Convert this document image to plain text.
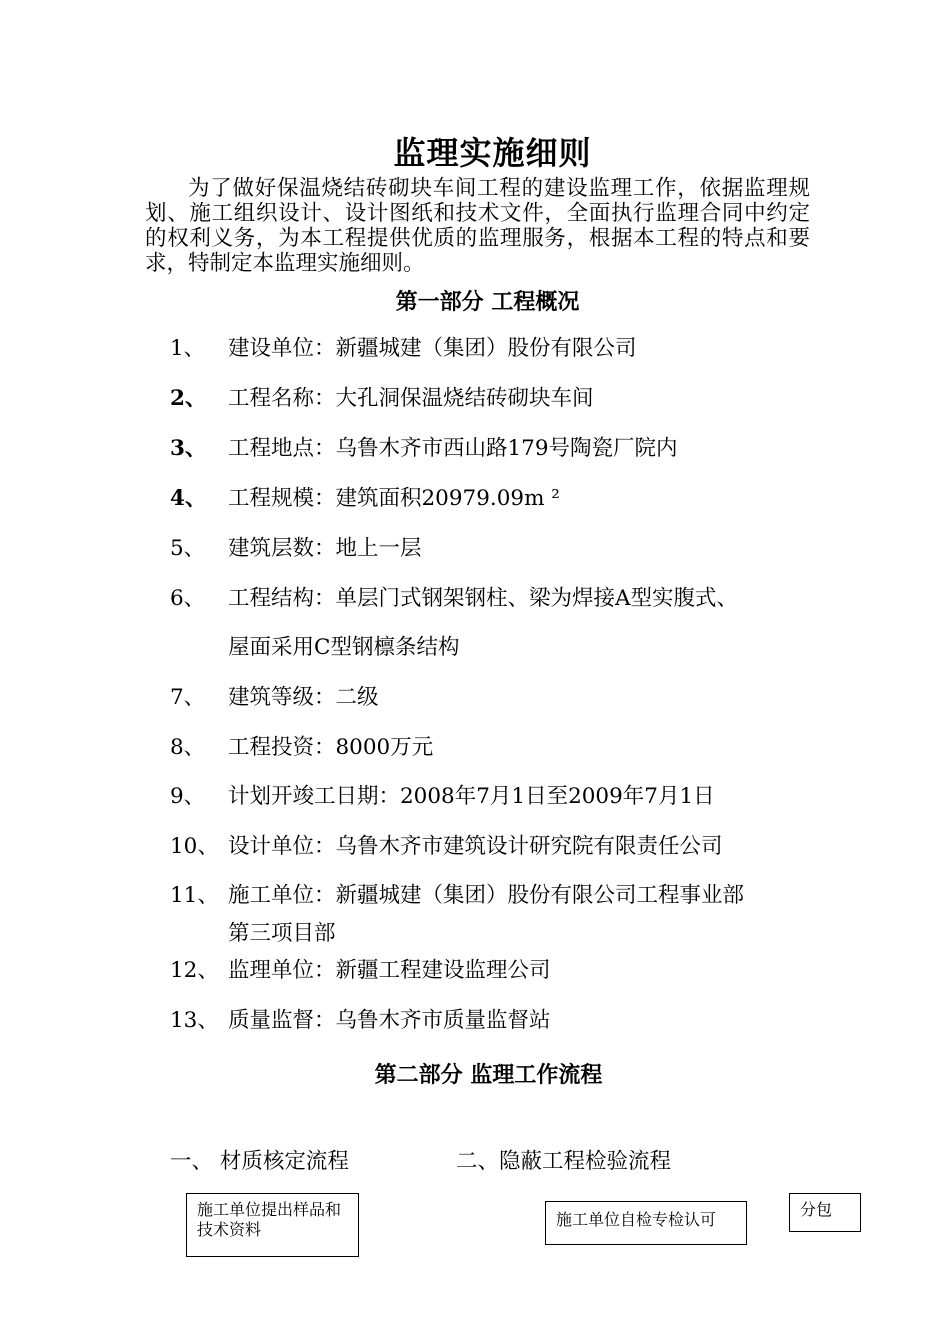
监理实施细则

为了做好保温烧结砖砌块车间工程的建设监理工作，依据监理规划、施工组织设计、设计图纸和技术文件，全面执行监理合同中约定的权利义务，为本工程提供优质的监理服务，根据本工程的特点和要求，特制定本监理实施细则。

第一部分 工程概况
1、	建设单位：新疆城建（集团）股份有限公司
2、	工程名称：大孔洞保温烧结砖砌块车间
3、	工程地点：乌鲁木齐市西山路179号陶瓷厂院内
4、	工程规模：建筑面积20979.09m ²
5、	建筑层数：地上一层
6、	工程结构：单层门式钢架钢柱、梁为焊接A型实腹式、
屋面采用C型钢檩条结构
7、	建筑等级：二级
8、	工程投资：8000万元
9、	计划开竣工日期：2008年7月1日至2009年7月1日
10、 设计单位：乌鲁木齐市建筑设计研究院有限责任公司
11、 施工单位：新疆城建（集团）股份有限公司工程事业部
第三项目部
12、 监理单位：新疆工程建设监理公司
13、 质量监督：乌鲁木齐市质量监督站
第二部分 监理工作流程
一、 材质核定流程	二、隐蔽工程检验流程
施工单位提出样品和技术资料
施工单位自检专检认可
分包
